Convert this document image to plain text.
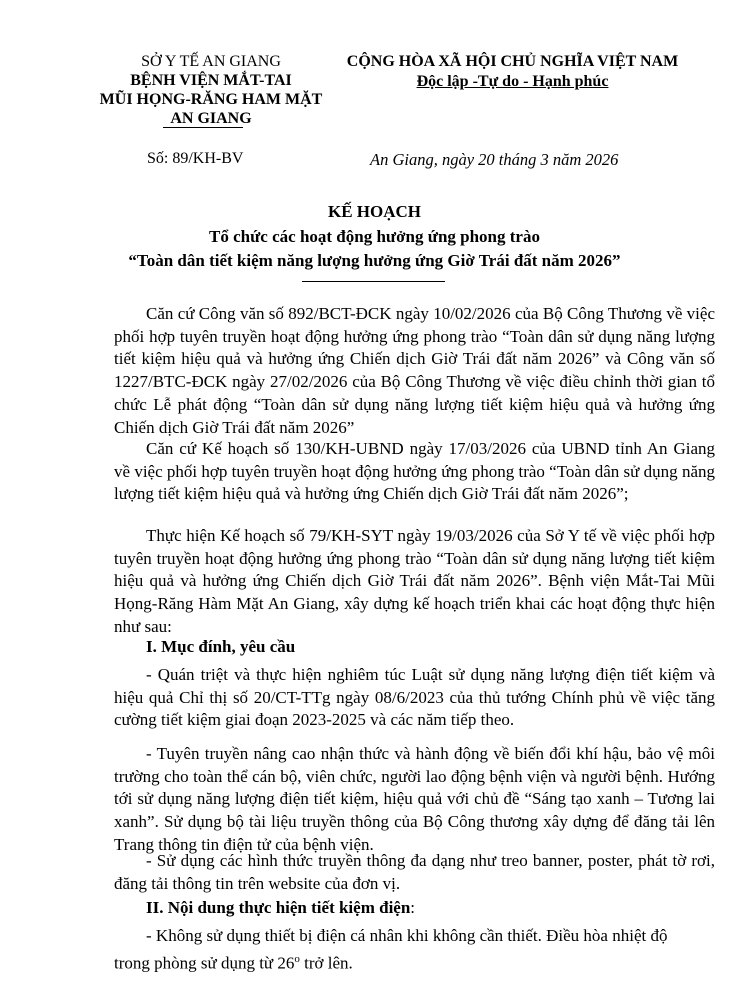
SỞ Y TẾ AN GIANG
BỆNH VIỆN MẮT-TAI
MŨI HỌNG-RĂNG HAM MẶT
AN GIANG
CỘNG HÒA XÃ HỘI CHỦ NGHĨA VIỆT NAM
Độc lập -Tự do - Hạnh phúc
Số: 89/KH-BV	An Giang, ngày 20 tháng 3 năm 2026
KẾ HOẠCH
Tổ chức các hoạt động hưởng ứng phong trào
“Toàn dân tiết kiệm năng lượng hưởng ứng Giờ Trái đất năm 2026”
Căn cứ Công văn số 892/BCT-ĐCK ngày 10/02/2026 của Bộ Công Thương về việc phối hợp tuyên truyền hoạt động hưởng ứng phong trào “Toàn dân sử dụng năng lượng tiết kiệm hiệu quả và hưởng ứng Chiến dịch Giờ Trái đất năm 2026” và Công văn số 1227/BTC-ĐCK ngày 27/02/2026 của Bộ Công Thương về việc điều chỉnh thời gian tổ chức Lễ phát động “Toàn dân sử dụng năng lượng tiết kiệm hiệu quả và hưởng ứng Chiến dịch Giờ Trái đất năm 2026”
Căn cứ Kế hoạch số 130/KH-UBND ngày 17/03/2026 của UBND tỉnh An Giang về việc phối hợp tuyên truyền hoạt động hưởng ứng phong trào “Toàn dân sử dụng năng lượng tiết kiệm hiệu quả và hưởng ứng Chiến dịch Giờ Trái đất năm 2026”;
Thực hiện Kế hoạch số 79/KH-SYT ngày 19/03/2026 của Sở Y tế về việc phối hợp tuyên truyền hoạt động hưởng ứng phong trào “Toàn dân sử dụng năng lượng tiết kiệm hiệu quả và hưởng ứng Chiến dịch Giờ Trái đất năm 2026”. Bệnh viện Mắt-Tai Mũi Họng-Răng Hàm Mặt An Giang, xây dựng kế hoạch triển khai các hoạt động thực hiện như sau:
I. Mục đính, yêu cầu
- Quán triệt và thực hiện nghiêm túc Luật sử dụng năng lượng điện tiết kiệm và hiệu quả Chỉ thị số 20/CT-TTg ngày 08/6/2023 của thủ tướng Chính phủ về việc tăng cường tiết kiệm giai đoạn 2023-2025 và các năm tiếp theo.
- Tuyên truyền nâng cao nhận thức và hành động về biến đổi khí hậu, bảo vệ môi trường cho toàn thể cán bộ, viên chức, người lao động bệnh viện và người bệnh. Hướng tới sử dụng năng lượng điện tiết kiệm, hiệu quả với chủ đề “Sáng tạo xanh – Tương lai xanh”. Sử dụng bộ tài liệu truyền thông của Bộ Công thương xây dựng để đăng tải lên Trang thông tin điện tử của bệnh viện.
- Sử dụng các hình thức truyền thông đa dạng như treo banner, poster, phát tờ rơi, đăng tải thông tin trên website của đơn vị.
II. Nội dung thực hiện tiết kiệm điện:
- Không sử dụng thiết bị điện cá nhân khi không cần thiết. Điều hòa nhiệt độ
trong phòng sử dụng từ 26$^o$ trở lên.
